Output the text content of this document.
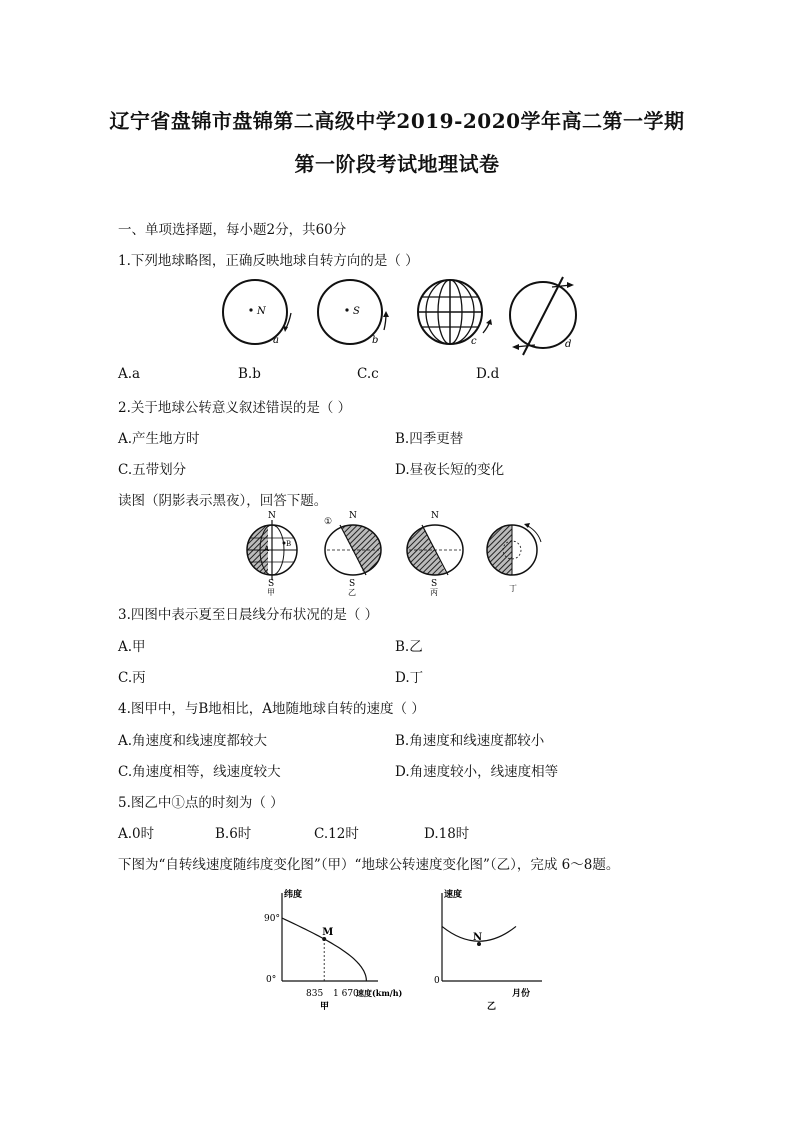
辽宁省盘锦市盘锦第二高级中学2019-2020学年高二第一学期
第一阶段考试地理试卷
一、单项选择题，每小题2分，共60分
1.下列地球略图，正确反映地球自转方向的是（ ）
N
a
S
b	c	d
A.a	B.b	C.c	D.d
2.关于地球公转意义叙述错误的是（ ）
A.产生地方时	B.四季更替
C.五带划分	D.昼夜长短的变化
读图（阴影表示黑夜），回答下题。
N
B
A
S
甲
N
①
S
乙
N
S
丙	丁
3.四图中表示夏至日晨线分布状况的是（ ）
A.甲	B.乙
C.丙	D.丁
4.图甲中，与B地相比，A地随地球自转的速度（ ）
A.角速度和线速度都较大	B.角速度和线速度都较小
C.角速度相等，线速度较大	D.角速度较小，线速度相等
5.图乙中①点的时刻为（ ）
A.0时	B.6时	C.12时	D.18时
下图为“自转线速度随纬度变化图”（甲）“地球公转速度变化图”（乙），完成 6～8题。
纬度
90°
0°
835 1 670
速度(km/h)
M
甲
速度
0
月份
N
乙
